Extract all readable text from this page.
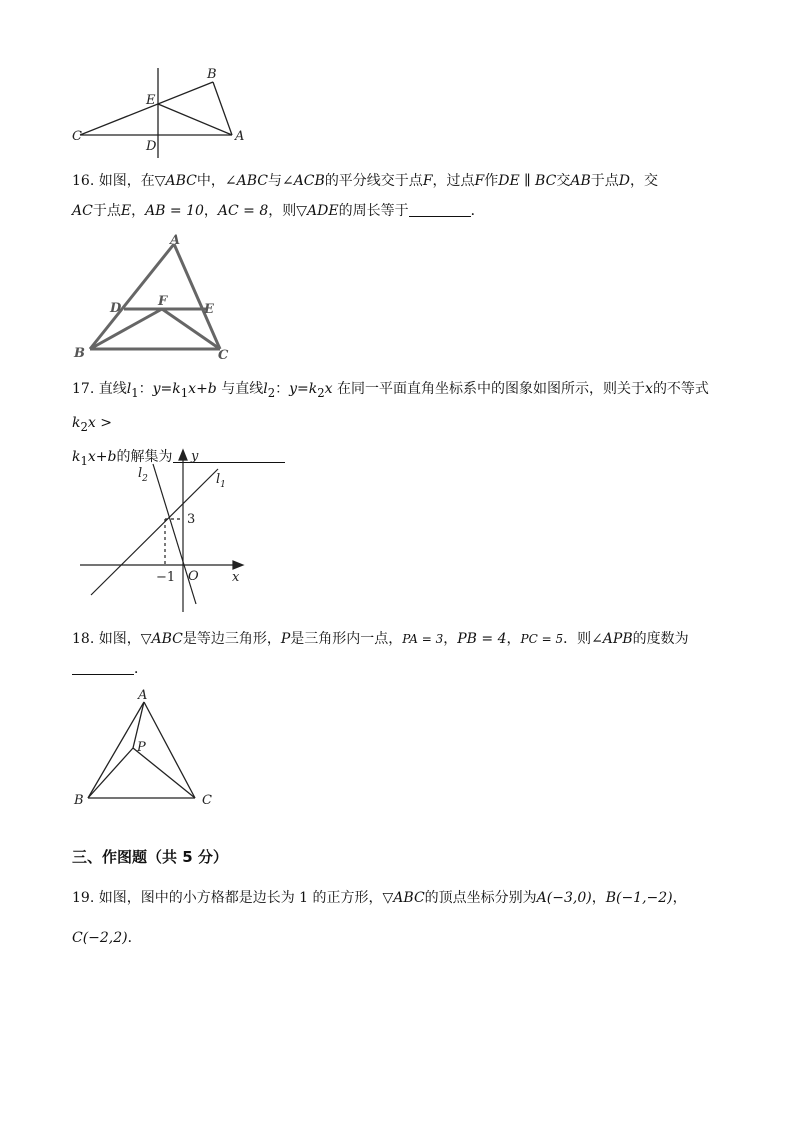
B
E
C
D
A
16. 如图，在▽ABC中，∠ABC与∠ACB的平分线交于点F，过点F作DE ∥ BC交AB于点D，交
AC于点E，AB = 10，AC = 8，则▽ADE的周长等于	．
A
D	F
E
B	C
17. 直线$l_1$：$y=k_1x+b$ 与直线$l_2$：$y=k_2x$ 在同一平面直角坐标系中的图象如图所示，则关于x的不等式$k_2x$ >
$k_1x+b$的解集为	y
x
O
3
−1
$l_1$
$l_2$
18. 如图，▽ABC是等边三角形，P是三角形内一点，PA = 3，PB = 4，PC = 5．则∠APB的度数为
．
A
P
B	C
三、作图题（共 5 分）
19. 如图，图中的小方格都是边长为 1 的正方形，▽ABC的顶点坐标分别为A(−3,0)，B(−1,−2)，
C(−2,2)．
